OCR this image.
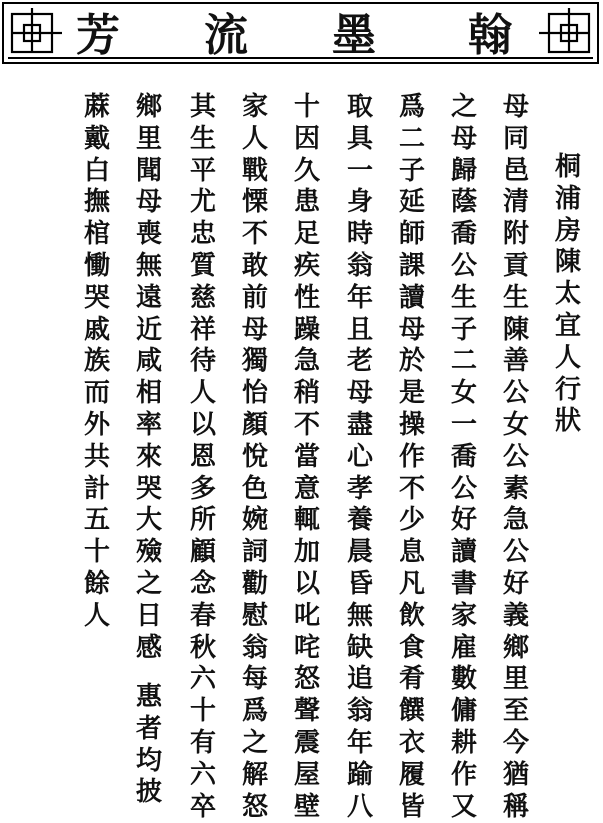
翰
墨
流
芳
桐
浦
房
陳
太
宜
人
行
狀
母
同
邑
清
附
貢
生
陳
善
公
女
公
素
急
公
好
義
鄉
里
至
今
猶
稱
之
母
歸
蔭
喬
公
生
子
二
女
一
喬
公
好
讀
書
家
雇
數
傭
耕
作
又
爲
二
子
延
師
課
讀
母
於
是
操
作
不
少
息
凡
飲
食
肴
饌
衣
履
皆
取
具
一
身
時
翁
年
且
老
母
盡
心
孝
養
晨
昏
無
缺
追
翁
年
踰
八
十
因
久
患
足
疾
性
躁
急
稍
不
當
意
輒
加
以
叱
咤
怒
聲
震
屋
壁
家
人
戰
慄
不
敢
前
母
獨
怡
顏
悅
色
婉
詞
勸
慰
翁
每
爲
之
解
怒
其
生
平
尤
忠
質
慈
祥
待
人
以
恩
多
所
顧
念
春
秋
六
十
有
六
卒
鄉
里
聞
母
喪
無
遠
近
咸
相
率
來
哭
大
殮
之
日
感
蔴
戴
白
撫
棺
慟
哭
戚
族
而
外
共
計
五
十
餘
人
惠
者
均
披
